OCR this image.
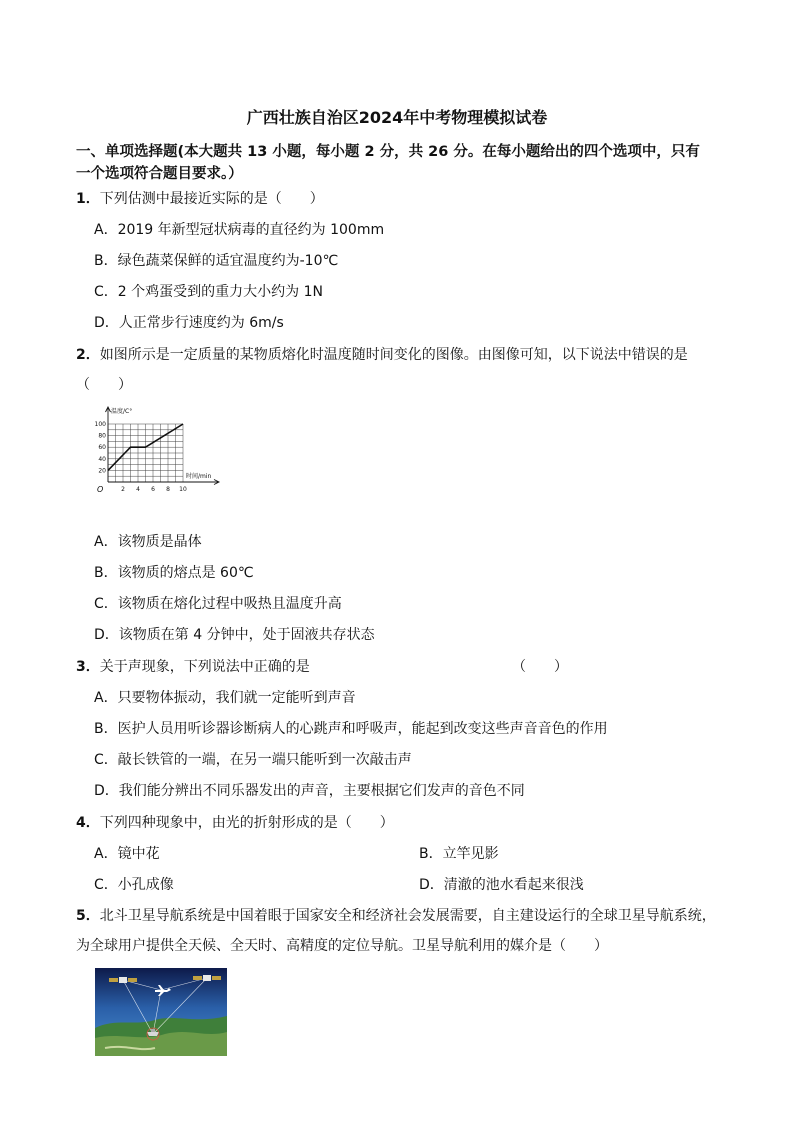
广西壮族自治区2024年中考物理模拟试卷
一、单项选择题(本大题共 13 小题，每小题 2 分，共 26 分。在每小题给出的四个选项中，只有
一个选项符合题目要求。）
1．下列估测中最接近实际的是（　　）
A．2019 年新型冠状病毒的直径约为 100mm
B．绿色蔬菜保鲜的适宜温度约为-10℃
C．2 个鸡蛋受到的重力大小约为 1N
D．人正常步行速度约为 6m/s
2．如图所示是一定质量的某物质熔化时温度随时间变化的图像。由图像可知，以下说法中错误的是
（　　）
2 4 6 8 10
20
40
60
80
100
温度/C°
时间/min
O
A．该物质是晶体
B．该物质的熔点是 60℃
C．该物质在熔化过程中吸热且温度升高
D．该物质在第 4 分钟中，处于固液共存状态
3．关于声现象，下列说法中正确的是	（　　）
A．只要物体振动，我们就一定能听到声音
B．医护人员用听诊器诊断病人的心跳声和呼吸声，能起到改变这些声音音色的作用
C．敲长铁管的一端，在另一端只能听到一次敲击声
D．我们能分辨出不同乐器发出的声音，主要根据它们发声的音色不同
4．下列四种现象中，由光的折射形成的是（　　）
A．镜中花	B．立竿见影
C．小孔成像	D．清澈的池水看起来很浅
5．北斗卫星导航系统是中国着眼于国家安全和经济社会发展需要，自主建设运行的全球卫星导航系统，
为全球用户提供全天候、全天时、高精度的定位导航。卫星导航利用的媒介是（　　）
